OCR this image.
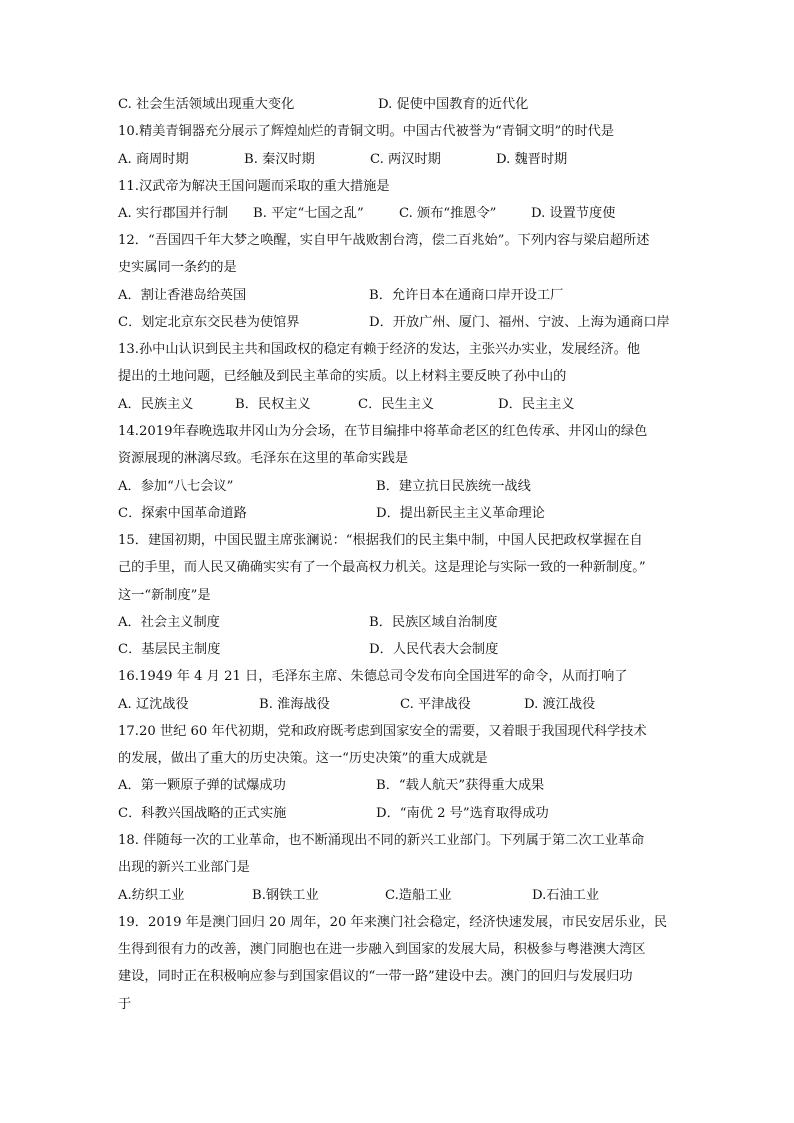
C. 社会生活领域出现重大变化	D. 促使中国教育的近代化
10.精美青铜器充分展示了辉煌灿烂的青铜文明。中国古代被誉为“青铜文明”的时代是
A. 商周时期	B. 秦汉时期	C. 两汉时期	D. 魏晋时期
11.汉武帝为解决王国问题而采取的重大措施是
A. 实行郡国并行制 B. 平定“七国之乱”	C. 颁布“推恩令”	D. 设置节度使
12．“吾国四千年大梦之唤醒，实自甲午战败割台湾，偿二百兆始”。下列内容与梁启超所述
史实属同一条约的是
A．割让香港岛给英国	B．允许日本在通商口岸开设工厂
C．划定北京东交民巷为使馆界	D．开放广州、厦门、福州、宁波、上海为通商口岸
13.孙中山认识到民主共和国政权的稳定有赖于经济的发达，主张兴办实业，发展经济。他
提出的土地问题，已经触及到民主革命的实质。以上材料主要反映了孙中山的
A．民族主义	B．民权主义	C．民生主义	D．民主主义
14.2019年春晚选取井冈山为分会场，在节目编排中将革命老区的红色传承、井冈山的绿色
资源展现的淋漓尽致。毛泽东在这里的革命实践是
A．参加“八七会议”	B．建立抗日民族统一战线
C．探索中国革命道路	D．提出新民主主义革命理论
15．建国初期，中国民盟主席张澜说：“根据我们的民主集中制，中国人民把政权掌握在自
己的手里，而人民又确确实实有了一个最高权力机关。这是理论与实际一致的一种新制度。”
这一“新制度”是
A．社会主义制度	B．民族区域自治制度
C．基层民主制度	D．人民代表大会制度
16.1949 年 4 月 21 日，毛泽东主席、朱德总司令发布向全国进军的命令，从而打响了
A. 辽沈战役	B. 淮海战役	C. 平津战役	D. 渡江战役
17.20 世纪 60 年代初期，党和政府既考虑到国家安全的需要，又着眼于我国现代科学技术
的发展，做出了重大的历史决策。这一“历史决策”的重大成就是
A．第一颗原子弹的试爆成功	B．“载人航天”获得重大成果
C．科教兴国战略的正式实施	D．“南优 2 号”选育取得成功
18. 伴随每一次的工业革命，也不断涌现出不同的新兴工业部门。下列属于第二次工业革命
出现的新兴工业部门是
A.纺织工业	B.钢铁工业	C.造船工业	D.石油工业
19．2019 年是澳门回归 20 周年，20 年来澳门社会稳定，经济快速发展，市民安居乐业，民
生得到很有力的改善，澳门同胞也在进一步融入到国家的发展大局，积极参与粤港澳大湾区
建设，同时正在积极响应参与到国家倡议的“一带一路”建设中去。澳门的回归与发展归功
于
